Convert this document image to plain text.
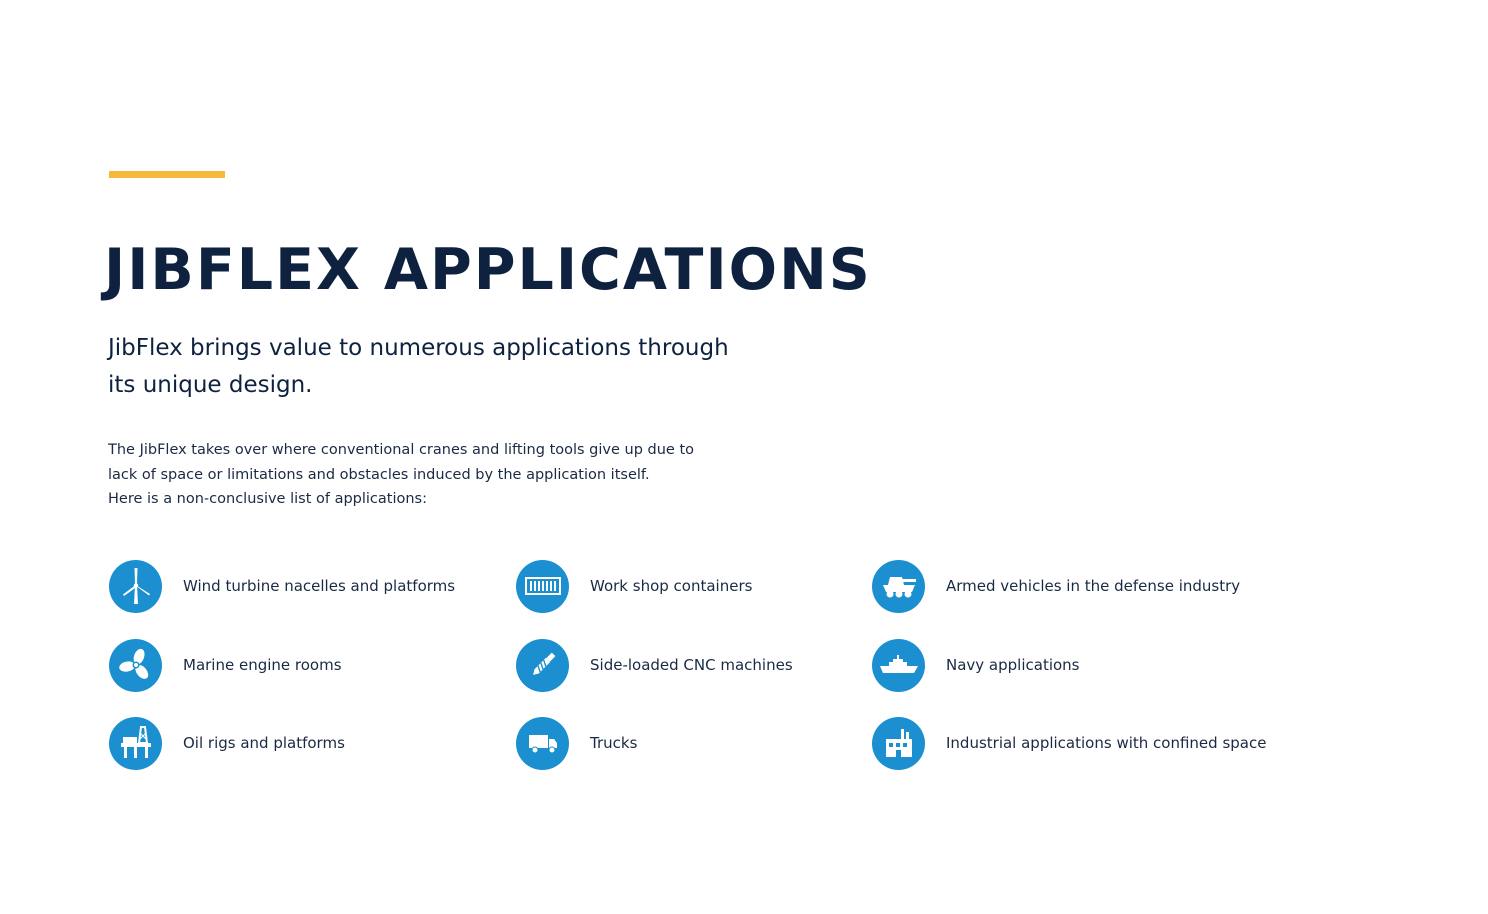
JIBFLEX APPLICATIONS

JibFlex brings value to numerous applications through its unique design.

The JibFlex takes over where conventional cranes and lifting tools give up due to
lack of space or limitations and obstacles induced by the application itself.
Here is a non-conclusive list of applications:

Wind turbine nacelles and platforms	Work shop containers	Armed vehicles in the defense industry
Marine engine rooms	Side-loaded CNC machines	Navy applications
Oil rigs and platforms	Trucks	Industrial applications with confined space
